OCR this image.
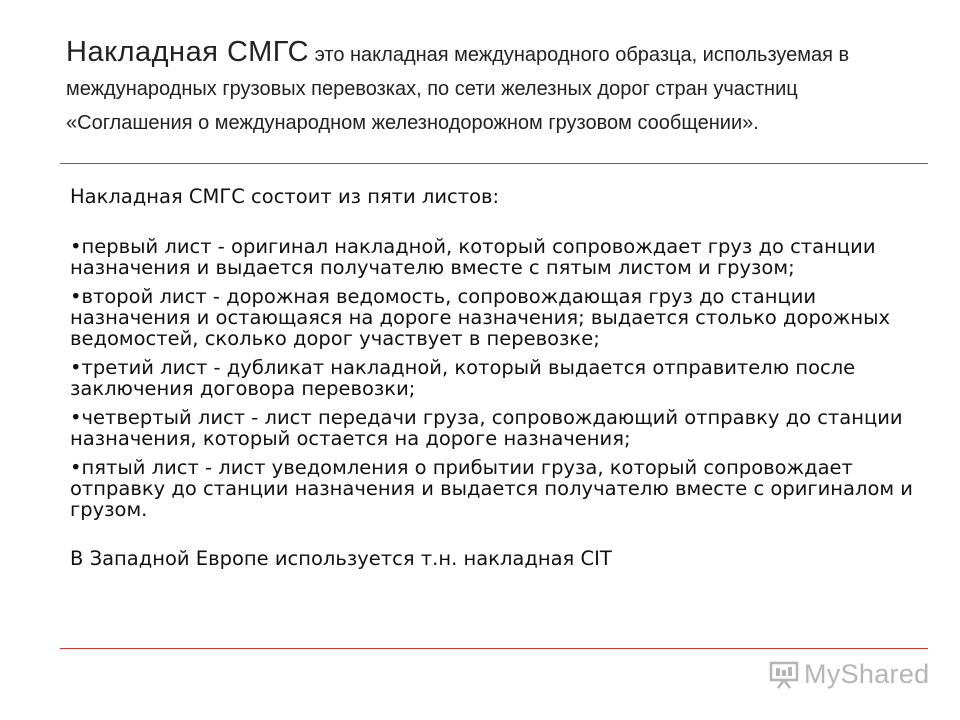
Накладная СМГС это накладная международного образца, используемая в международных грузовых перевозках, по сети железных дорог стран участниц «Соглашения о международном железнодорожном грузовом сообщении».

Накладная СМГС состоит из пяти листов:

•первый лист - оригинал накладной, который сопровождает груз до станции назначения и выдается получателю вместе с пятым листом и грузом;

•второй лист - дорожная ведомость, сопровождающая груз до станции назначения и остающаяся на дороге назначения; выдается столько дорожных ведомостей, сколько дорог участвует в перевозке;

•третий лист - дубликат накладной, который выдается отправителю после заключения договора перевозки;

•четвертый лист - лист передачи груза, сопровождающий отправку до станции назначения, который остается на дороге назначения;

•пятый лист - лист уведомления о прибытии груза, который сопровождает отправку до станции назначения и выдается получателю вместе с оригиналом и грузом.

В Западной Европе используется т.н. накладная CIT

MyShared
